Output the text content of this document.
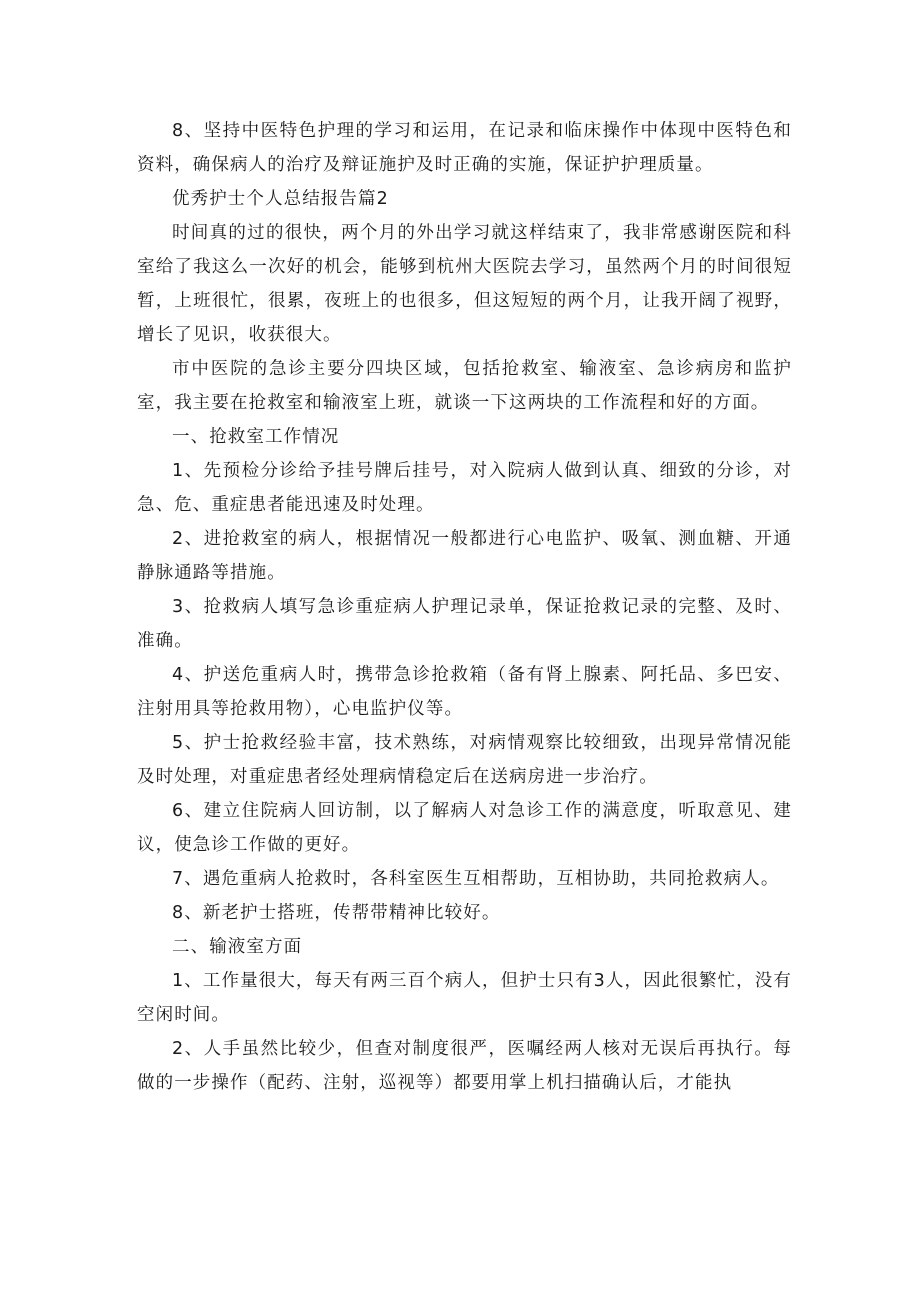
8、坚持中医特色护理的学习和运用，在记录和临床操作中体现中医特色和资料，确保病人的治疗及辩证施护及时正确的实施，保证护护理质量。

优秀护士个人总结报告篇2

时间真的过的很快，两个月的外出学习就这样结束了，我非常感谢医院和科室给了我这么一次好的机会，能够到杭州大医院去学习，虽然两个月的时间很短暂，上班很忙，很累，夜班上的也很多，但这短短的两个月，让我开阔了视野，增长了见识，收获很大。

市中医院的急诊主要分四块区域，包括抢救室、输液室、急诊病房和监护室，我主要在抢救室和输液室上班，就谈一下这两块的工作流程和好的方面。

一、抢救室工作情况

1、先预检分诊给予挂号牌后挂号，对入院病人做到认真、细致的分诊，对急、危、重症患者能迅速及时处理。

2、进抢救室的病人，根据情况一般都进行心电监护、吸氧、测血糖、开通静脉通路等措施。

3、抢救病人填写急诊重症病人护理记录单，保证抢救记录的完整、及时、准确。

4、护送危重病人时，携带急诊抢救箱（备有肾上腺素、阿托品、多巴安、注射用具等抢救用物），心电监护仪等。

5、护士抢救经验丰富，技术熟练，对病情观察比较细致，出现异常情况能及时处理，对重症患者经处理病情稳定后在送病房进一步治疗。

6、建立住院病人回访制，以了解病人对急诊工作的满意度，听取意见、建议，使急诊工作做的更好。

7、遇危重病人抢救时，各科室医生互相帮助，互相协助，共同抢救病人。

8、新老护士搭班，传帮带精神比较好。

二、输液室方面

1、工作量很大，每天有两三百个病人，但护士只有3人，因此很繁忙，没有空闲时间。

2、人手虽然比较少，但查对制度很严，医嘱经两人核对无误后再执行。每做的一步操作（配药、注射，巡视等）都要用掌上机扫描确认后，才能执
